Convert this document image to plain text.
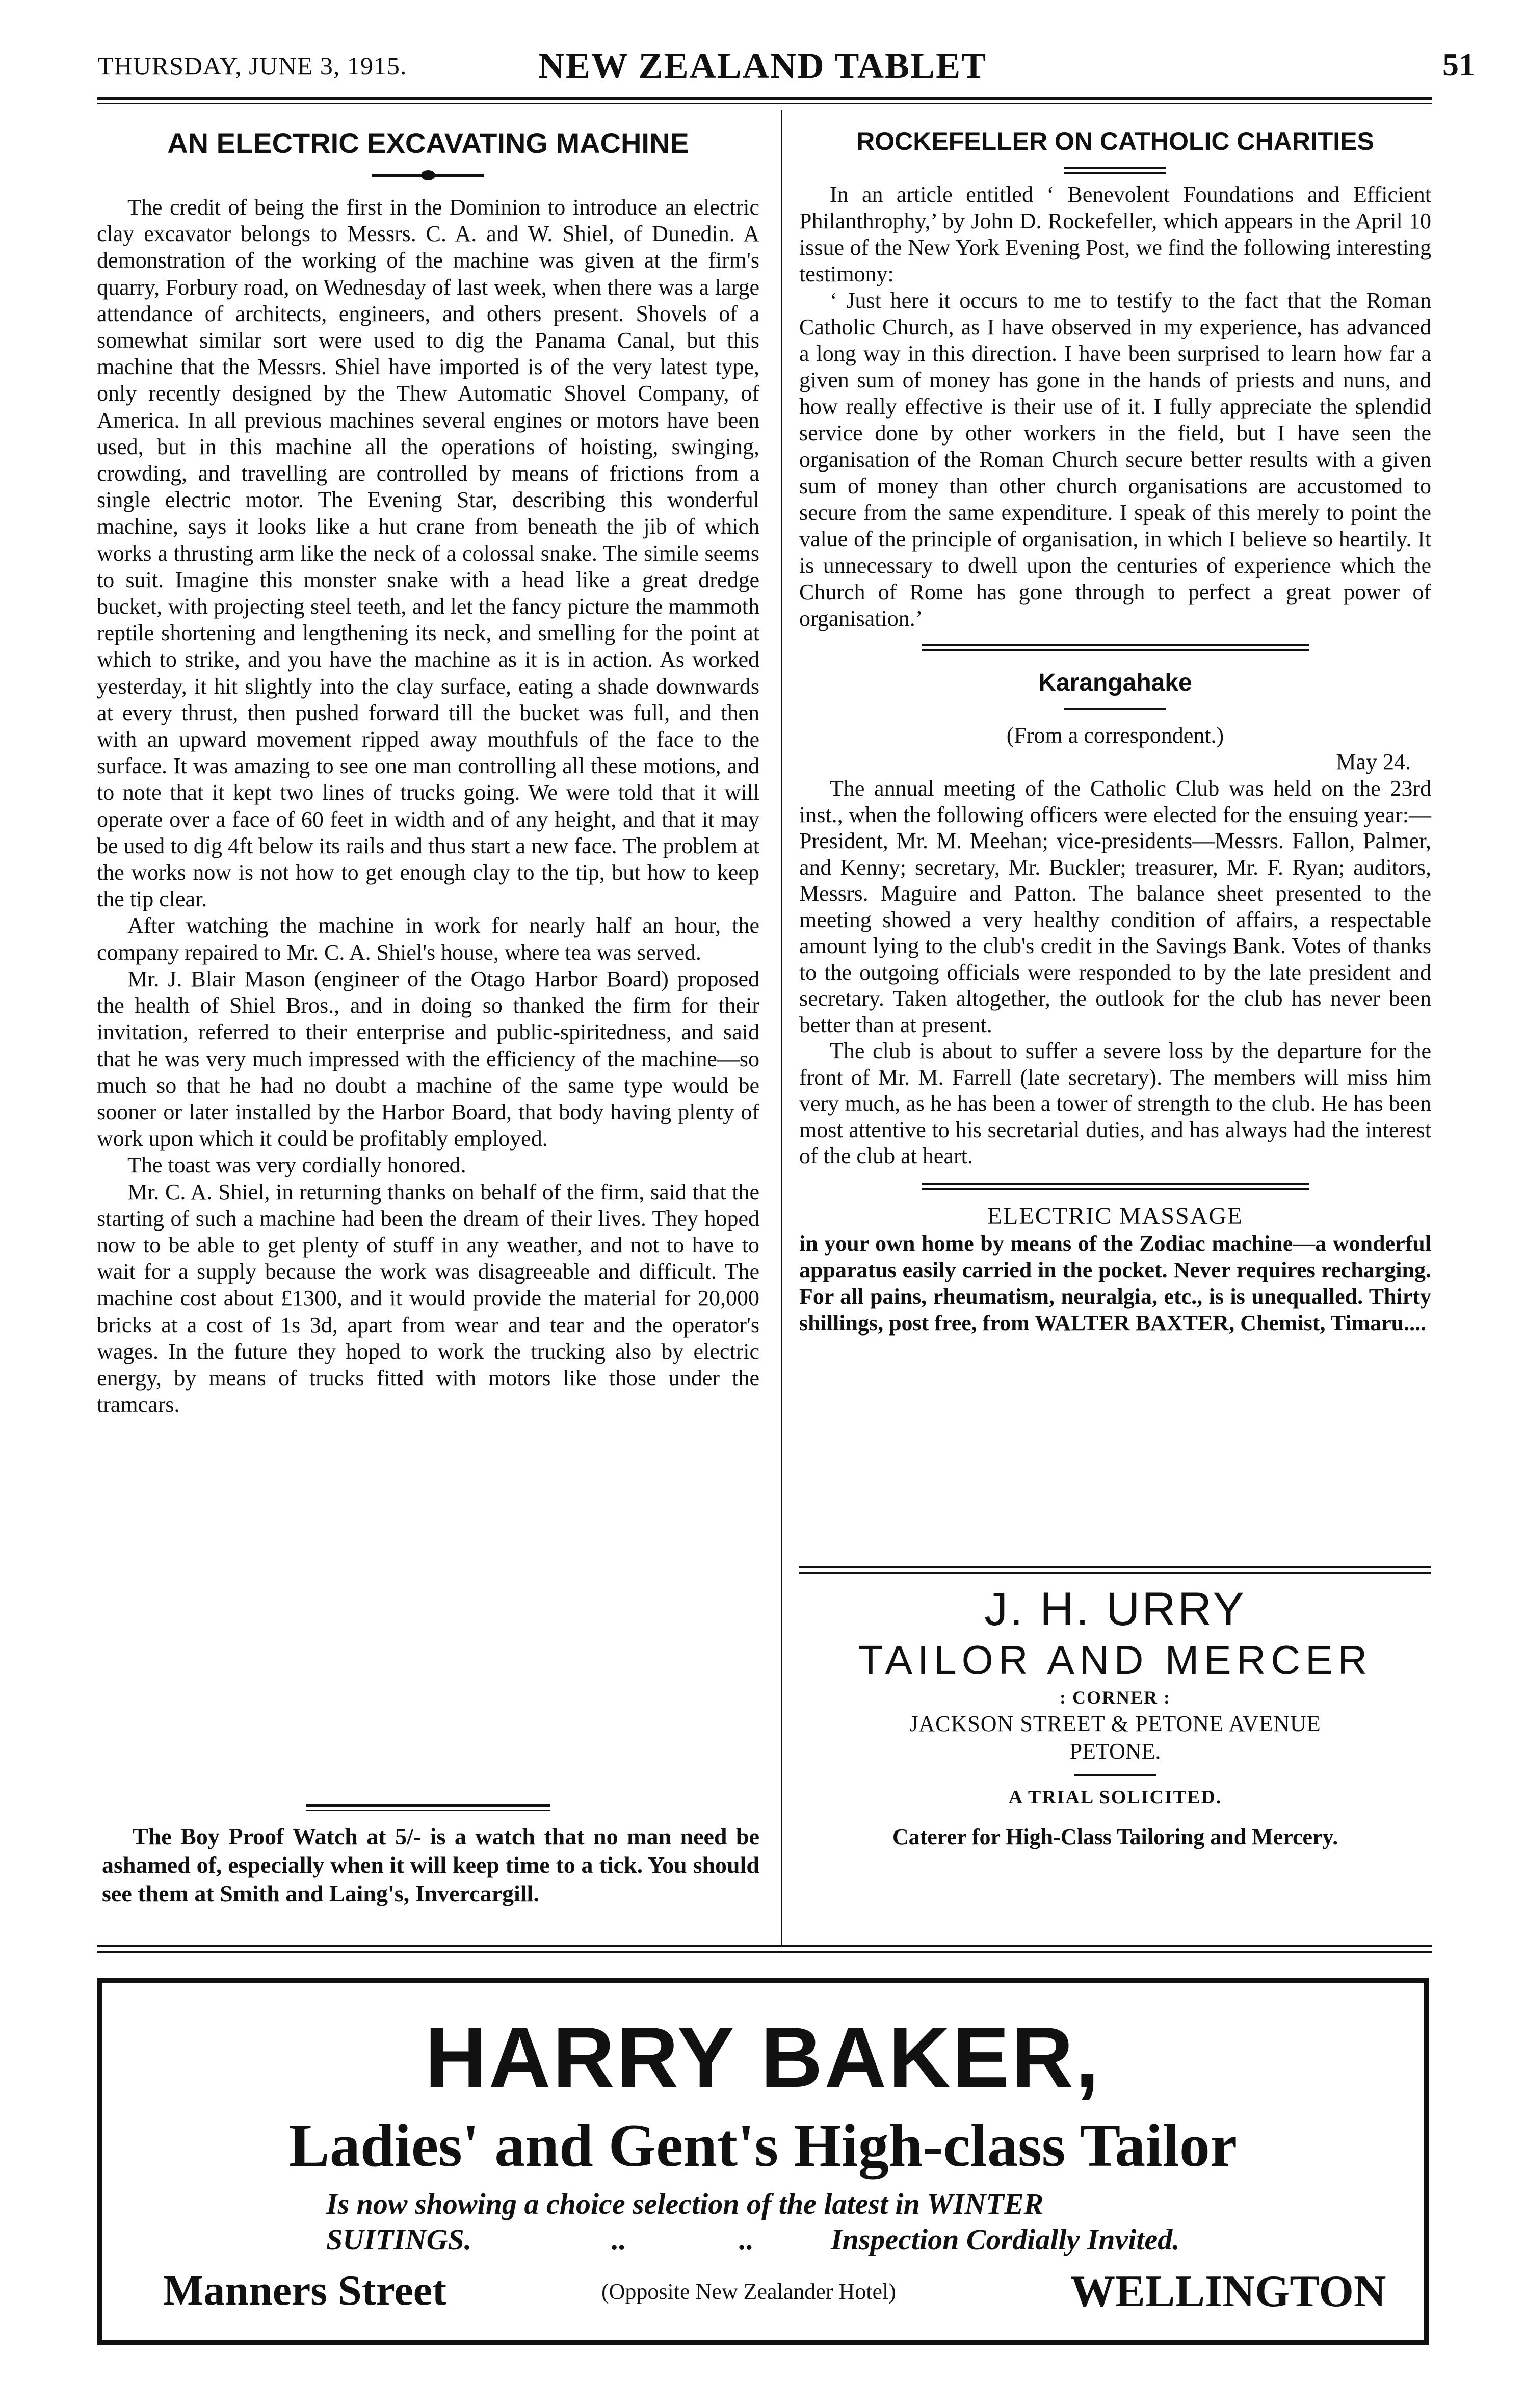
THURSDAY, JUNE 3, 1915.	NEW ZEALAND TABLET	51
AN ELECTRIC EXCAVATING MACHINE

The credit of being the first in the Dominion to introduce an electric clay excavator belongs to Messrs. C. A. and W. Shiel, of Dunedin. A demonstration of the working of the machine was given at the firm's quarry, Forbury road, on Wednesday of last week, when there was a large attendance of architects, engineers, and others present. Shovels of a somewhat similar sort were used to dig the Panama Canal, but this machine that the Messrs. Shiel have imported is of the very latest type, only recently designed by the Thew Automatic Shovel Company, of America. In all previous machines several engines or motors have been used, but in this machine all the operations of hoisting, swinging, crowding, and travelling are controlled by means of frictions from a single electric motor. The Evening Star, describing this wonderful machine, says it looks like a hut crane from beneath the jib of which works a thrusting arm like the neck of a colossal snake. The simile seems to suit. Imagine this monster snake with a head like a great dredge bucket, with projecting steel teeth, and let the fancy picture the mammoth reptile shortening and lengthening its neck, and smelling for the point at which to strike, and you have the machine as it is in action. As worked yesterday, it hit slightly into the clay surface, eating a shade downwards at every thrust, then pushed forward till the bucket was full, and then with an upward movement ripped away mouthfuls of the face to the surface. It was amazing to see one man controlling all these motions, and to note that it kept two lines of trucks going. We were told that it will operate over a face of 60 feet in width and of any height, and that it may be used to dig 4ft below its rails and thus start a new face. The problem at the works now is not how to get enough clay to the tip, but how to keep the tip clear.

After watching the machine in work for nearly half an hour, the company repaired to Mr. C. A. Shiel's house, where tea was served.

Mr. J. Blair Mason (engineer of the Otago Harbor Board) proposed the health of Shiel Bros., and in doing so thanked the firm for their invitation, referred to their enterprise and public-spiritedness, and said that he was very much impressed with the efficiency of the machine—so much so that he had no doubt a machine of the same type would be sooner or later installed by the Harbor Board, that body having plenty of work upon which it could be profitably employed.

The toast was very cordially honored.

Mr. C. A. Shiel, in returning thanks on behalf of the firm, said that the starting of such a machine had been the dream of their lives. They hoped now to be able to get plenty of stuff in any weather, and not to have to wait for a supply because the work was disagreeable and difficult. The machine cost about £1300, and it would provide the material for 20,000 bricks at a cost of 1s 3d, apart from wear and tear and the operator's wages. In the future they hoped to work the trucking also by electric energy, by means of trucks fitted with motors like those under the tramcars.

The Boy Proof Watch at 5/- is a watch that no man need be ashamed of, especially when it will keep time to a tick. You should see them at Smith and Laing's, Invercargill.

ROCKEFELLER ON CATHOLIC CHARITIES

In an article entitled ‘ Benevolent Foundations and Efficient Philanthrophy,’ by John D. Rockefeller, which appears in the April 10 issue of the New York Evening Post, we find the following interesting testimony:

‘ Just here it occurs to me to testify to the fact that the Roman Catholic Church, as I have observed in my experience, has advanced a long way in this direction. I have been surprised to learn how far a given sum of money has gone in the hands of priests and nuns, and how really effective is their use of it. I fully appreciate the splendid service done by other workers in the field, but I have seen the organisation of the Roman Church secure better results with a given sum of money than other church organisations are accustomed to secure from the same expenditure. I speak of this merely to point the value of the principle of organisation, in which I believe so heartily. It is unnecessary to dwell upon the centuries of experience which the Church of Rome has gone through to perfect a great power of organisation.’

Karangahake
(From a correspondent.)
May 24.

The annual meeting of the Catholic Club was held on the 23rd inst., when the following officers were elected for the ensuing year:—President, Mr. M. Meehan; vice-presidents—Messrs. Fallon, Palmer, and Kenny; secretary, Mr. Buckler; treasurer, Mr. F. Ryan; auditors, Messrs. Maguire and Patton. The balance sheet presented to the meeting showed a very healthy condition of affairs, a respectable amount lying to the club's credit in the Savings Bank. Votes of thanks to the outgoing officials were responded to by the late president and secretary. Taken altogether, the outlook for the club has never been better than at present.

The club is about to suffer a severe loss by the departure for the front of Mr. M. Farrell (late secretary). The members will miss him very much, as he has been a tower of strength to the club. He has been most attentive to his secretarial duties, and has always had the interest of the club at heart.

ELECTRIC MASSAGE

in your own home by means of the Zodiac machine—a wonderful apparatus easily carried in the pocket. Never requires recharging. For all pains, rheumatism, neuralgia, etc., is is unequalled. Thirty shillings, post free, from WALTER BAXTER, Chemist, Timaru....

J. H. URRY
TAILOR AND MERCER
: CORNER :
JACKSON STREET & PETONE AVENUE
PETONE.
A TRIAL SOLICITED.
Caterer for High-Class Tailoring and Mercery.
HARRY BAKER,
Ladies' and Gent's High-class Tailor
Is now showing a choice selection of the latest in WINTER
SUITINGS.	..	..	Inspection Cordially Invited.
Manners Street	(Opposite New Zealander Hotel)	WELLINGTON
